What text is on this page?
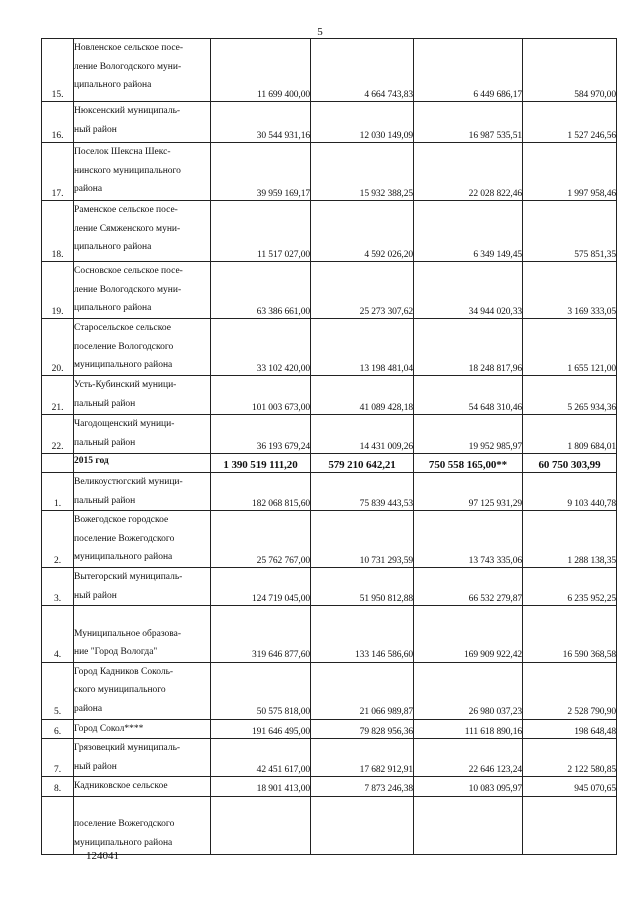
5
15.	Новленское сельское посе-
ление Вологодского муни-
ципального района	11 699 400,00	4 664 743,83	6 449 686,17	584 970,00
16.	Нюксенский муниципаль-
ный район	30 544 931,16	12 030 149,09	16 987 535,51	1 527 246,56
17.	Поселок Шексна Шекс-
нинского муниципального
района	39 959 169,17	15 932 388,25	22 028 822,46	1 997 958,46
18.	Раменское сельское посе-
ление Сямженского муни-
ципального района	11 517 027,00	4 592 026,20	6 349 149,45	575 851,35
19.	Сосновское сельское посе-
ление Вологодского муни-
ципального района	63 386 661,00	25 273 307,62	34 944 020,33	3 169 333,05
20.	Старосельское сельское
поселение Вологодского
муниципального района	33 102 420,00	13 198 481,04	18 248 817,96	1 655 121,00
21.	Усть-Кубинский муници-
пальный район	101 003 673,00	41 089 428,18	54 648 310,46	5 265 934,36
22.	Чагодощенский муници-
пальный район	36 193 679,24	14 431 009,26	19 952 985,97	1 809 684,01

	2015 год	1 390 519 111,20	579 210 642,21	750 558 165,00**	60 750 303,99
1.	Великоустюгский муници-
пальный район	182 068 815,60	75 839 443,53	97 125 931,29	9 103 440,78
2.	Вожегодское городское
поселение Вожегодского
муниципального района	25 762 767,00	10 731 293,59	13 743 335,06	1 288 138,35
3.	Вытегорский муниципаль-
ный район	124 719 045,00	51 950 812,88	66 532 279,87	6 235 952,25
4.	Муниципальное образова-
ние "Город Вологда"	319 646 877,60	133 146 586,60	169 909 922,42	16 590 368,58
5.	Город Кадников Соколь-
ского муниципального
района	50 575 818,00	21 066 989,87	26 980 037,23	2 528 790,90
6.	Город Сокол****	191 646 495,00	79 828 956,36	111 618 890,16	198 648,48
7.	Грязовецкий муниципаль-
ный район	42 451 617,00	17 682 912,91	22 646 123,24	2 122 580,85
8.	Кадниковское сельское	18 901 413,00	7 873 246,38	10 083 095,97	945 070,65

	поселение Вожегодского
муниципального района				

124041
